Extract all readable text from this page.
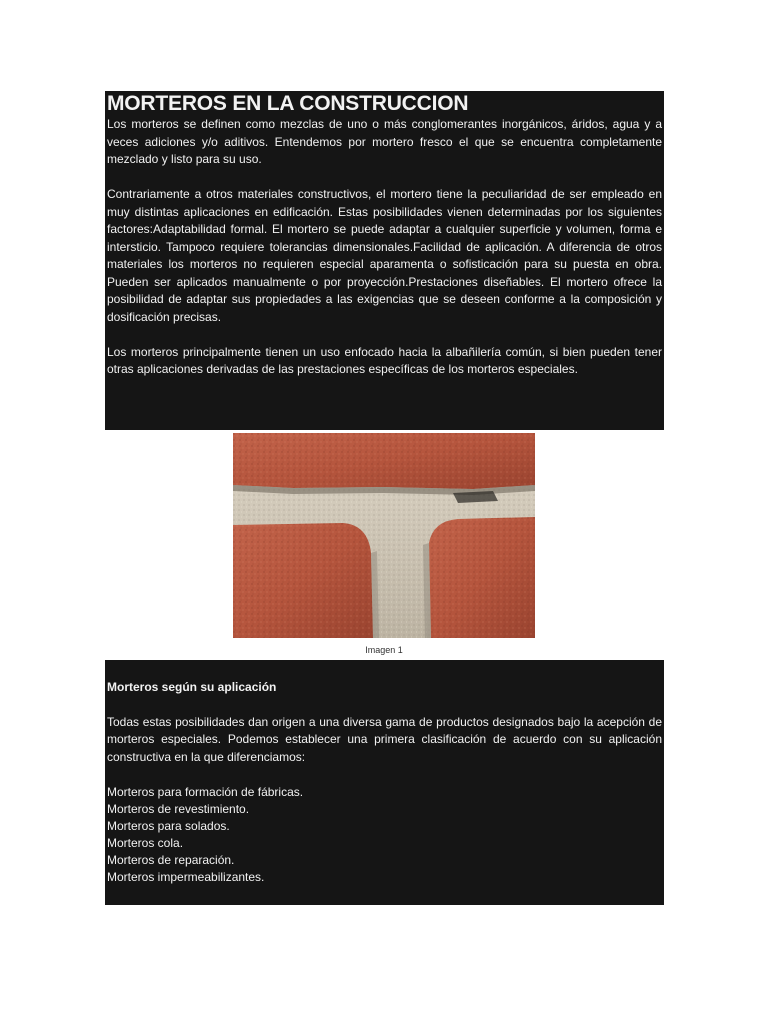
MORTEROS EN LA CONSTRUCCION

Los morteros se definen como mezclas de uno o más conglomerantes inorgánicos, áridos, agua y a veces adiciones y/o aditivos. Entendemos por mortero fresco el que se encuentra completamente mezclado y listo para su uso.

Contrariamente a otros materiales constructivos, el mortero tiene la peculiaridad de ser empleado en muy distintas aplicaciones en edificación. Estas posibilidades vienen determinadas por los siguientes factores:Adaptabilidad formal. El mortero se puede adaptar a cualquier superficie y volumen, forma e intersticio. Tampoco requiere tolerancias dimensionales.Facilidad de aplicación. A diferencia de otros materiales los morteros no requieren especial aparamenta o sofisticación para su puesta en obra. Pueden ser aplicados manualmente o por proyección.Prestaciones diseñables. El mortero ofrece la posibilidad de adaptar sus propiedades a las exigencias que se deseen conforme a la composición y dosificación precisas.

Los morteros principalmente tienen un uso enfocado hacia la albañilería común, si bien pueden tener otras aplicaciones derivadas de las prestaciones específicas de los morteros especiales.

Imagen 1
Morteros según su aplicación

Todas estas posibilidades dan origen a una diversa gama de productos designados bajo la acepción de morteros especiales. Podemos establecer una primera clasificación de acuerdo con su aplicación constructiva en la que diferenciamos:

Morteros para formación de fábricas.
Morteros de revestimiento.
Morteros para solados.
Morteros cola.
Morteros de reparación.
Morteros impermeabilizantes.
